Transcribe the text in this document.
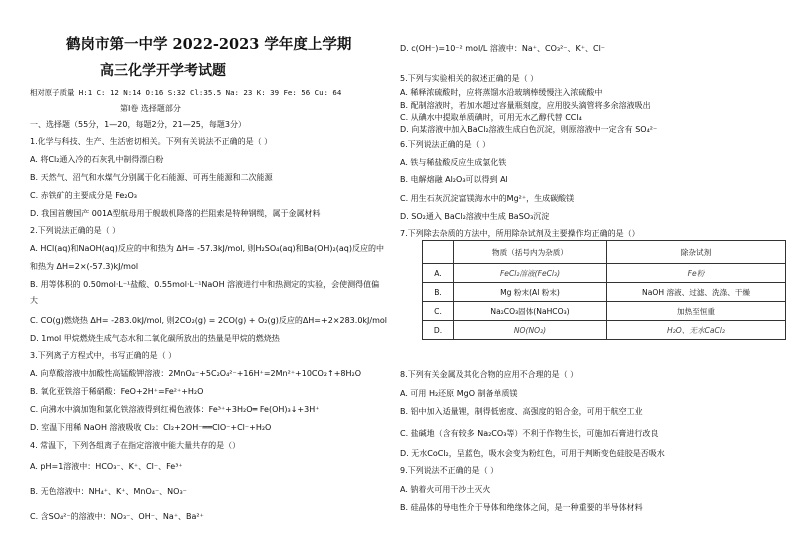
鹤岗市第一中学 2022-2023 学年度上学期
高三化学开学考试题
相对原子质量 H:1 C: 12 N:14 O:16 S:32 Cl:35.5 Na: 23 K: 39 Fe: 56 Cu: 64
第Ⅰ卷 选择题部分
一、选择题（55分，1—20，每题2分，21—25，每题3分）
1.化学与科技、生产、生活密切相关。下列有关说法不正确的是（ ）
A. 将Cl₂通入冷的石灰乳中制得漂白粉
B. 天然气、沼气和水煤气分别属于化石能源、可再生能源和二次能源
C. 赤铁矿的主要成分是 Fe₂O₃
D. 我国首艘国产 001A型航母用于舰载机降落的拦阻索是特种钢缆，属于金属材料
2.下列说法正确的是（ ）
A. HCl(aq)和NaOH(aq)反应的中和热为 ΔH= -57.3kJ/mol, 则H₂SO₄(aq)和Ba(OH)₂(aq)反应的中
和热为 ΔH=2×(-57.3)kJ/mol
B. 用等体积的 0.50mol·L⁻¹盐酸、0.55mol·L⁻¹NaOH 溶液进行中和热测定的实验，会使测得值偏
大
C. CO(g)燃烧热 ΔH= -283.0kJ/mol, 则2CO₂(g) = 2CO(g) + O₂(g)反应的ΔH=+2×283.0kJ/mol
D. 1mol 甲烷燃烧生成气态水和二氧化碳所放出的热量是甲烷的燃烧热
3.下列离子方程式中，书写正确的是（ ）
A. 向草酸溶液中加酸性高锰酸钾溶液：2MnO₄⁻+5C₂O₄²⁻+16H⁺=2Mn²⁺+10CO₂↑+8H₂O
B. 氧化亚铁溶于稀硝酸：FeO+2H⁺=Fe²⁺+H₂O
C. 向沸水中滴加饱和氯化铁溶液得到红褐色液体：Fe³⁺+3H₂O═ Fe(OH)₃↓+3H⁺
D. 室温下用稀 NaOH 溶液吸收 Cl₂：Cl₂+2OH⁻══ClO⁻+Cl⁻+H₂O
4. 常温下，下列各组离子在指定溶液中能大量共存的是（）
A. pH=1溶液中：HCO₃⁻、K⁺、Cl⁻、Fe³⁺
B. 无色溶液中：NH₄⁺、K⁺、MnO₄⁻、NO₃⁻
C. 含SO₄²⁻的溶液中：NO₃⁻、OH⁻、Na⁺、Ba²⁺
D. c(OH⁻)=10⁻² mol/L 溶液中：Na⁺、CO₃²⁻、K⁺、Cl⁻
5.下列与实验相关的叙述正确的是（ ）
A. 稀释浓硫酸时，应将蒸馏水沿玻璃棒缓慢注入浓硫酸中
B. 配制溶液时，若加水超过容量瓶刻度，应用胶头滴管将多余溶液吸出
C. 从碘水中提取单质碘时，可用无水乙醇代替 CCl₄
D. 向某溶液中加入BaCl₂溶液生成白色沉淀，则原溶液中一定含有 SO₄²⁻
6.下列说法正确的是（ ）
A. 铁与稀盐酸反应生成氯化铁
B. 电解熔融 Al₂O₃可以得到 Al
C. 用生石灰沉淀富镁海水中的Mg²⁺，生成碳酸镁
D. SO₂通入 BaCl₂溶液中生成 BaSO₃沉淀
7.下列除去杂质的方法中，所用除杂试剂及主要操作均正确的是（）
	物质（括号内为杂质）	除杂试剂
A.	FeCl₂溶液(FeCl₃)	Fe粉
B.	Mg 粉末(Al 粉末)	NaOH 溶液、过滤、洗涤、干燥
C.	Na₂CO₃固体(NaHCO₃)	加热至恒重
D.	NO(NO₂)	H₂O、无水CaCl₂
8.下列有关金属及其化合物的应用不合理的是（ ）
A. 可用 H₂还原 MgO 制备单质镁
B. 铝中加入适量锂，制得低密度、高强度的铝合金，可用于航空工业
C. 盐碱地（含有较多 Na₂CO₃等）不利于作物生长，可施加石膏进行改良
D. 无水CoCl₂，呈蓝色，吸水会变为粉红色，可用于判断变色硅胶是否吸水
9.下列说法不正确的是（ ）
A. 钠着火可用干沙土灭火
B. 硅晶体的导电性介于导体和绝缘体之间，是一种重要的半导体材料
